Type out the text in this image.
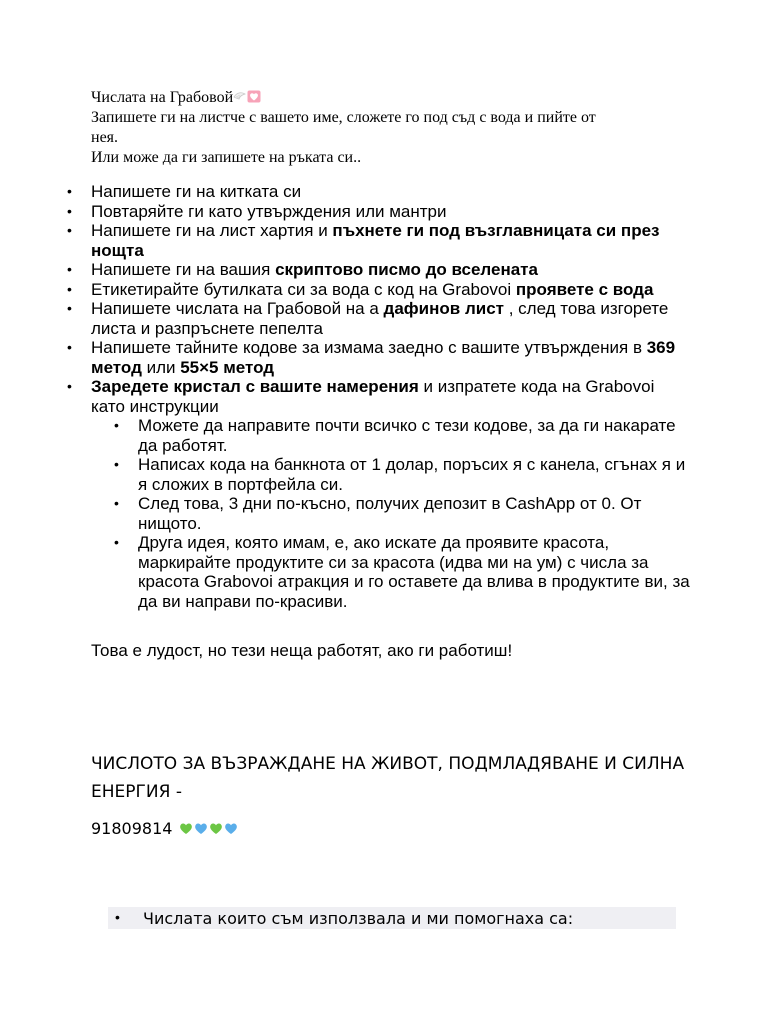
Числата на Грабовой
Запишете ги на листче с вашето име, сложете го под съд с вода и пийте от
нея.
Или може да ги запишете на ръката си..
• Напишете ги на китката си
• Повтаряйте ги като утвърждения или мантри
• Напишете ги на лист хартия и пъхнете ги под възглавницата си през нощта
• Напишете ги на вашия скриптово писмо до вселената
• Етикетирайте бутилката си за вода с код на Grabovoi проявете с вода
• Напишете числата на Грабовой на а дафинов лист , след това изгорете листа и разпръснете пепелта
• Напишете тайните кодове за измама заедно с вашите утвърждения в 369 метод или 55×5 метод
• Заредете кристал с вашите намерения и изпратете кода на Grabovoi като инструкции
• Можете да направите почти всичко с тези кодове, за да ги накарате да работят.
• Написах кода на банкнота от 1 долар, поръсих я с канела, сгънах я и я сложих в портфейла си.
• След това, 3 дни по-късно, получих депозит в CashApp от 0. От нищото.
• Друга идея, която имам, е, ако искате да проявите красота, маркирайте продуктите си за красота (идва ми на ум) с числа за красота Grabovoi атракция и го оставете да влива в продуктите ви, за да ви направи по-красиви.
Това е лудост, но тези неща работят, ако ги работиш!
ЧИСЛОТО ЗА ВЪЗРАЖДАНЕ НА ЖИВОТ, ПОДМЛАДЯВАНЕ И СИЛНА ЕНЕРГИЯ -
91809814
• Числата които съм използвала и ми помогнаха са:
